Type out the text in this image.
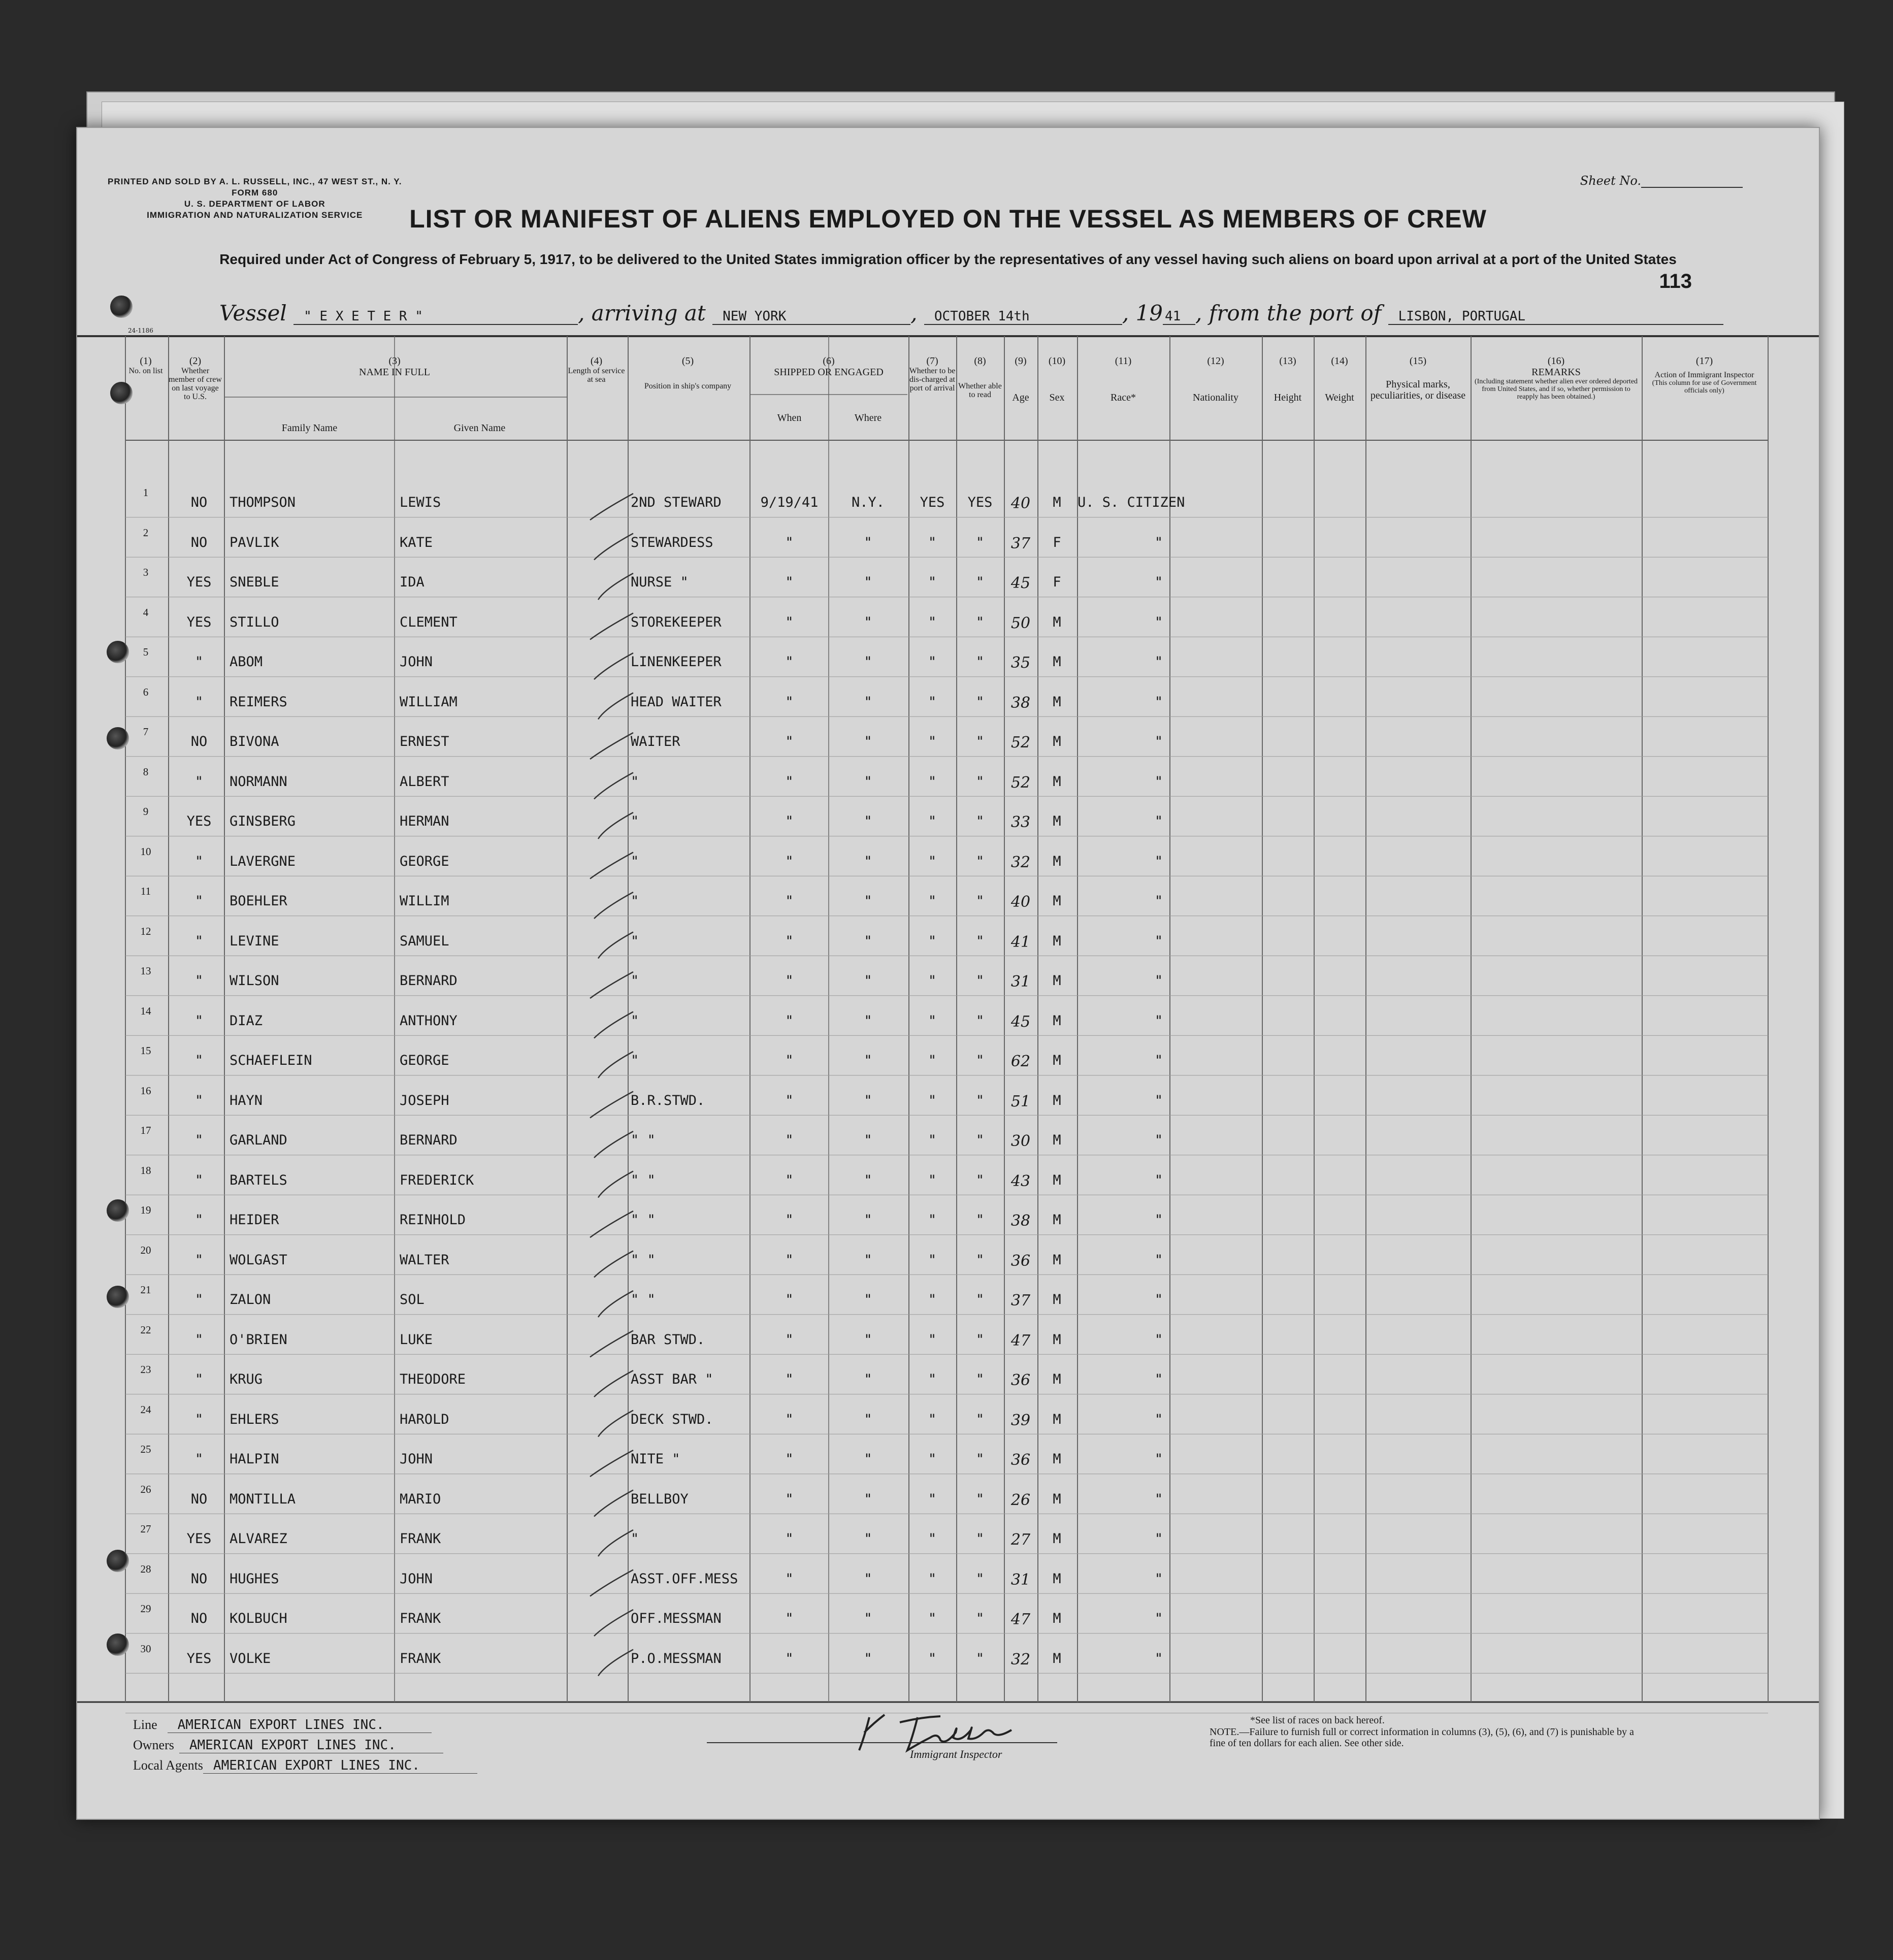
PRINTED AND SOLD BY A. L. RUSSELL, INC., 47 WEST ST., N. Y.
FORM 680
U. S. DEPARTMENT OF LABOR
IMMIGRATION AND NATURALIZATION SERVICE
Sheet No.
LIST OR MANIFEST OF ALIENS EMPLOYED ON THE VESSEL AS MEMBERS OF CREW
Required under Act of Congress of February 5, 1917, to be delivered to the United States immigration officer by the representatives of any vessel having such aliens on board upon arrival at a port of the United States
113
Vessel " E X E T E R "	, arriving at NEW YORK	, OCTOBER 14th	, 19 41 , from the port of LISBON, PORTUGAL
24-1186
(1)
No. on list
(2)
Whether member of crew on last voyage to U.S.
(3)
NAME IN FULL
Family Name	Given Name
(4)
Length of service at sea
(5)
Position in ship's company
(6)
SHIPPED OR ENGAGED
When	Where
(7)
Whether to be dis-charged at port of arrival
(8)
Whether able to read
(9)
Age
(10)
Sex
(11)
Race*
(12)
Nationality
(13)
Height
(14)
Weight
(15)
Physical marks, peculiarities, or disease
(16)
REMARKS
(Including statement whether alien ever ordered deported from United States, and if so, whether permission to reapply has been obtained.)
(17)
Action of Immigrant Inspector
(This column for use of Government officials only)
1
NO	THOMPSON	LEWIS	2ND STEWARD	9/19/41	N.Y.	YES	YES	40	M	U. S. CITIZEN
2
NO	PAVLIK	KATE	STEWARDESS	"	"	"	"	37	F	"
3
YES	SNEBLE	IDA	NURSE "	"	"	"	"	45	F	"
4
YES	STILLO	CLEMENT	STOREKEEPER	"	"	"	"	50	M	"
5
"	ABOM	JOHN	LINENKEEPER	"	"	"	"	35	M	"
6
"	REIMERS	WILLIAM	HEAD WAITER	"	"	"	"	38	M	"
7
NO	BIVONA	ERNEST	WAITER	"	"	"	"	52	M	"
8
"	NORMANN	ALBERT	"	"	"	"	"	52	M	"
9
YES	GINSBERG	HERMAN	"	"	"	"	"	33	M	"
10
"	LAVERGNE	GEORGE	"	"	"	"	"	32	M	"
11
"	BOEHLER	WILLIM	"	"	"	"	"	40	M	"
12
"	LEVINE	SAMUEL	"	"	"	"	"	41	M	"
13
"	WILSON	BERNARD	"	"	"	"	"	31	M	"
14
"	DIAZ	ANTHONY	"	"	"	"	"	45	M	"
15
"	SCHAEFLEIN	GEORGE	"	"	"	"	"	62	M	"
16
"	HAYN	JOSEPH	B.R.STWD.	"	"	"	"	51	M	"
17
"	GARLAND	BERNARD	" "	"	"	"	"	30	M	"
18
"	BARTELS	FREDERICK	" "	"	"	"	"	43	M	"
19
"	HEIDER	REINHOLD	" "	"	"	"	"	38	M	"
20
"	WOLGAST	WALTER	" "	"	"	"	"	36	M	"
21
"	ZALON	SOL	" "	"	"	"	"	37	M	"
22
"	O'BRIEN	LUKE	BAR STWD.	"	"	"	"	47	M	"
23
"	KRUG	THEODORE	ASST BAR "	"	"	"	"	36	M	"
24
"	EHLERS	HAROLD	DECK STWD.	"	"	"	"	39	M	"
25
"	HALPIN	JOHN	NITE "	"	"	"	"	36	M	"
26
NO	MONTILLA	MARIO	BELLBOY	"	"	"	"	26	M	"
27
YES	ALVAREZ	FRANK	"	"	"	"	"	27	M	"
28
NO	HUGHES	JOHN	ASST.OFF.MESS	"	"	"	"	31	M	"
29
NO	KOLBUCH	FRANK	OFF.MESSMAN	"	"	"	"	47	M	"
30
YES	VOLKE	FRANK	P.O.MESSMAN	"	"	"	"	32	M	"
Line AMERICAN EXPORT LINES INC.
Owners AMERICAN EXPORT LINES INC.
Local Agents AMERICAN EXPORT LINES INC.
Immigrant Inspector
*See list of races on back hereof.
NOTE.—Failure to furnish full or correct information in columns (3), (5), (6), and (7) is punishable by a fine of ten dollars for each alien. See other side.
